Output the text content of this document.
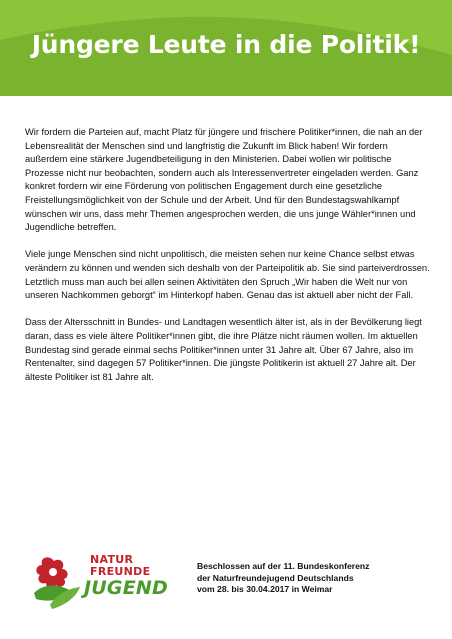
Jüngere Leute in die Politik!

Wir fordern die Parteien auf, macht Platz für jüngere und frischere Politiker*innen, die nah an der Lebensrealität der Menschen sind und langfristig die Zukunft im Blick haben! Wir fordern außerdem eine stärkere Jugendbeteiligung in den Ministerien. Dabei wollen wir politische Prozesse nicht nur beobachten, sondern auch als Interessenvertreter eingeladen werden. Ganz konkret fordern wir eine Förderung von politischen Engagement durch eine gesetzliche Freistellungsmöglichkeit von der Schule und der Arbeit. Und für den Bundestagswahlkampf wünschen wir uns, dass mehr Themen angesprochen werden, die uns junge Wähler*innen und Jugendliche betreffen.

Viele junge Menschen sind nicht unpolitisch, die meisten sehen nur keine Chance selbst etwas verändern zu können und wenden sich deshalb von der Parteipolitik ab. Sie sind parteiverdrossen. Letztlich muss man auch bei allen seinen Aktivitäten den Spruch „Wir haben die Welt nur von unseren Nachkommen geborgt“ im Hinterkopf haben. Genau das ist aktuell aber nicht der Fall.

Dass der Altersschnitt in Bundes- und Landtagen wesentlich älter ist, als in der Bevölkerung liegt daran, dass es viele ältere Politiker*innen gibt, die ihre Plätze nicht räumen wollen. Im aktuellen Bundestag sind gerade einmal sechs Politiker*innen unter 31 Jahre alt. Über 67 Jahre, also im Rentenalter, sind dagegen 57 Politiker*innen. Die jüngste Politikerin ist aktuell 27 Jahre alt. Der älteste Politiker ist 81 Jahre alt.

NATUR
FREUNDE
JUGEND
Beschlossen auf der 11. Bundeskonferenz
der Naturfreundejugend Deutschlands
vom 28. bis 30.04.2017 in Weimar
